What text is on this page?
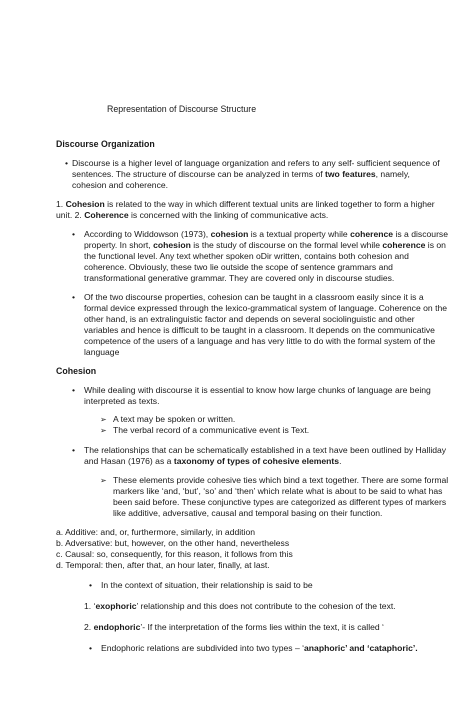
Representation of Discourse Structure
Discourse Organization
• Discourse is a higher level of language organization and refers to any self- sufficient sequence of
sentences. The structure of discourse can be analyzed in terms of two features, namely,
cohesion and coherence.
1. Cohesion is related to the way in which different textual units are linked together to form a higher
unit. 2. Coherence is concerned with the linking of communicative acts.
• According to Widdowson (1973), cohesion is a textual property while coherence is a discourse
property. In short, cohesion is the study of discourse on the formal level while coherence is on
the functional level. Any text whether spoken oDir written, contains both cohesion and
coherence. Obviously, these two lie outside the scope of sentence grammars and
transformational generative grammar. They are covered only in discourse studies.
• Of the two discourse properties, cohesion can be taught in a classroom easily since it is a
formal device expressed through the lexico-grammatical system of language. Coherence on the
other hand, is an extralinguistic factor and depends on several sociolinguistic and other
variables and hence is difficult to be taught in a classroom. It depends on the communicative
competence of the users of a language and has very little to do with the formal system of the
language
Cohesion
• While dealing with discourse it is essential to know how large chunks of language are being
interpreted as texts.
➢ A text may be spoken or written.
➢ The verbal record of a communicative event is Text.
• The relationships that can be schematically established in a text have been outlined by Halliday
and Hasan (1976) as a taxonomy of types of cohesive elements.
➢ These elements provide cohesive ties which bind a text together. There are some formal
markers like ‘and, ‘but’, ‘so’ and ‘then’ which relate what is about to be said to what has
been said before. These conjunctive types are categorized as different types of markers
like additive, adversative, causal and temporal basing on their function.
a. Additive: and, or, furthermore, similarly, in addition
b. Adversative: but, however, on the other hand, nevertheless
c. Causal: so, consequently, for this reason, it follows from this
d. Temporal: then, after that, an hour later, finally, at last.
• In the context of situation, their relationship is said to be
1. ‘exophoric’ relationship and this does not contribute to the cohesion of the text.
2. endophoric’- If the interpretation of the forms lies within the text, it is called ‘
• Endophoric relations are subdivided into two types – ‘anaphoric’ and ‘cataphoric’.
